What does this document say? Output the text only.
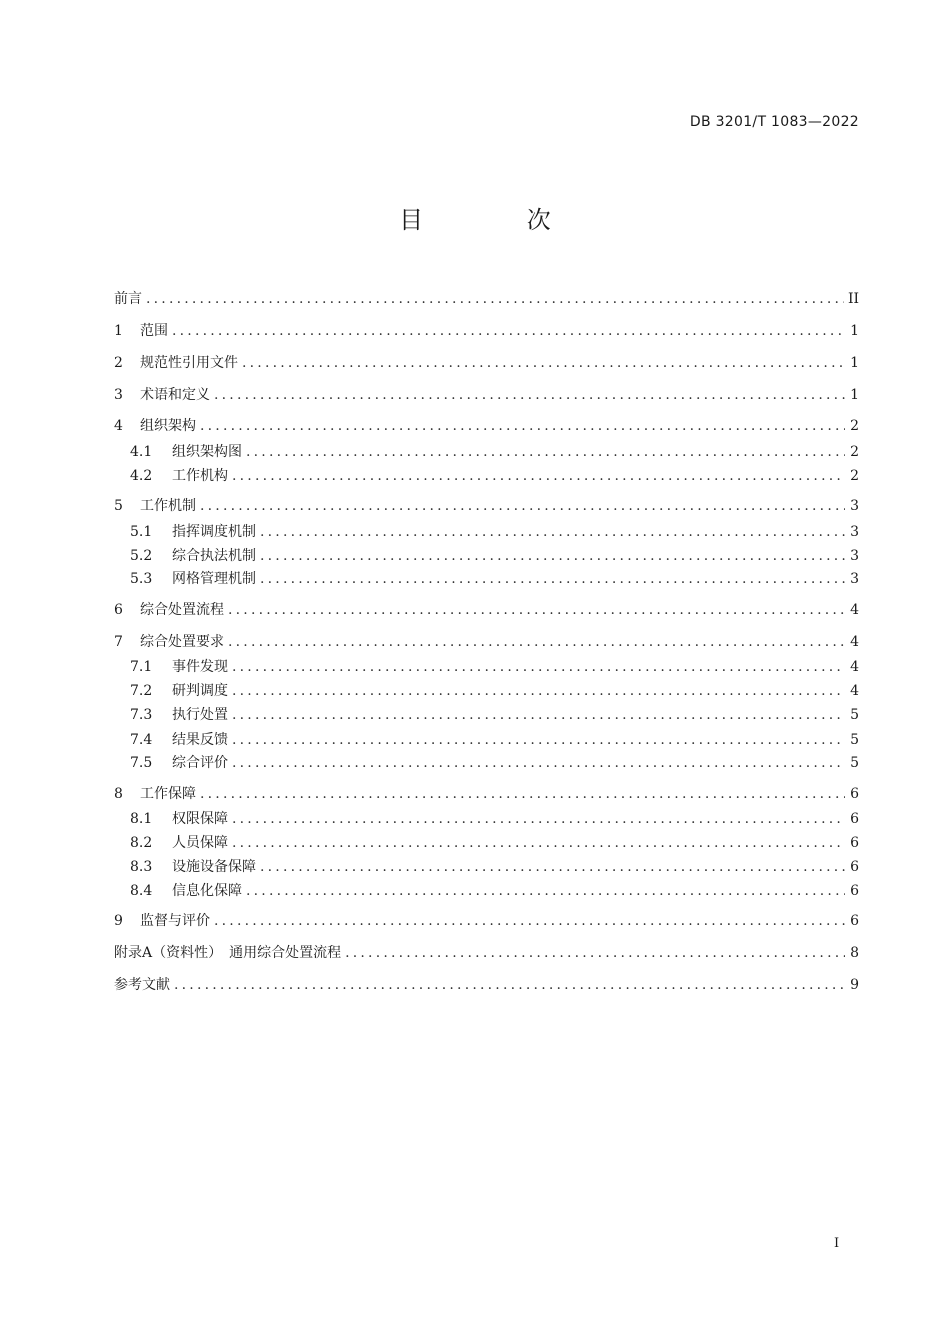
DB 3201/T 1083—2022
目 次
前言 .....	II
1	范围 .....	1
2	规范性引用文件 .....	1
3	术语和定义 .....	1
4	组织架构 .....	2
4.1	组织架构图 .....	2
4.2	工作机构 .....	2
5	工作机制 .....	3
5.1	指挥调度机制 .....	3
5.2	综合执法机制 .....	3
5.3	网格管理机制 .....	3
6	综合处置流程 .....	4
7	综合处置要求 .....	4
7.1	事件发现 .....	4
7.2	研判调度 .....	4
7.3	执行处置 .....	5
7.4	结果反馈 .....	5
7.5	综合评价 .....	5
8	工作保障 .....	6
8.1	权限保障 .....	6
8.2	人员保障 .....	6
8.3	设施设备保障 .....	6
8.4	信息化保障 .....	6
9	监督与评价 .....	6
附录A（资料性）　通用综合处置流程 .....	8
参考文献 .....	9
I
